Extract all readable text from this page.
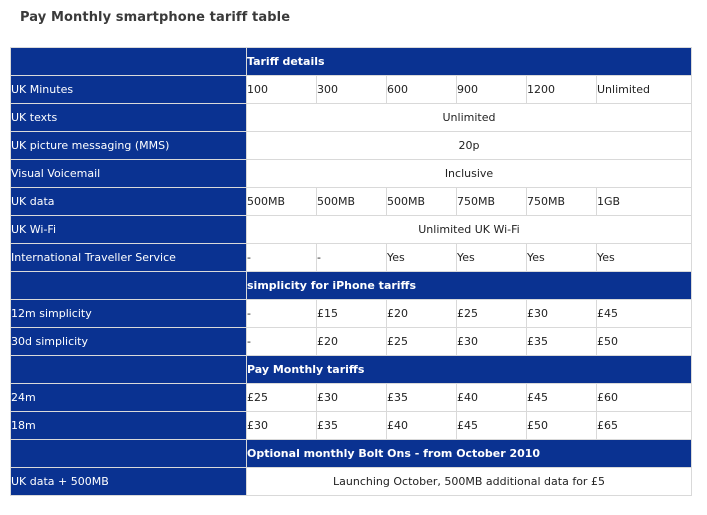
Pay Monthly smartphone tariff table
	Tariff details					
UK Minutes	100	300	600	900	1200	Unlimited
UK texts	Unlimited					
UK picture messaging (MMS)	20p					
Visual Voicemail	Inclusive					
UK data	500MB	500MB	500MB	750MB	750MB	1GB
UK Wi-Fi	Unlimited UK Wi-Fi					
International Traveller Service	-	-	Yes	Yes	Yes	Yes
	simplicity for iPhone tariffs					
12m simplicity	-	£15	£20	£25	£30	£45
30d simplicity	-	£20	£25	£30	£35	£50
	Pay Monthly tariffs					
24m	£25	£30	£35	£40	£45	£60
18m	£30	£35	£40	£45	£50	£65
	Optional monthly Bolt Ons - from October 2010					
UK data + 500MB	Launching October, 500MB additional data for £5					
